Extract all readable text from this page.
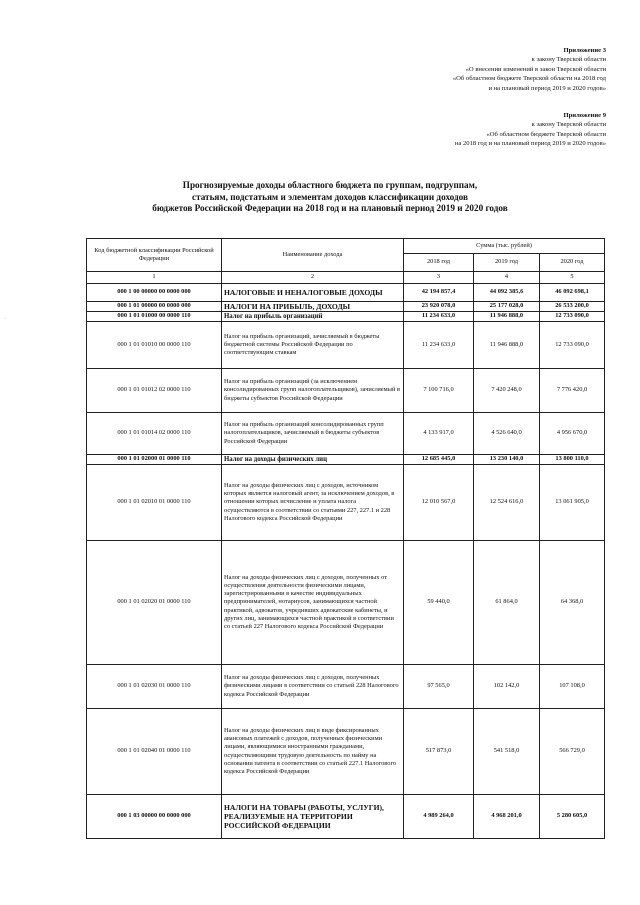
Приложение 3
к закону Тверской области
«О внесении изменений в закон Тверской области
«Об областном бюджете Тверской области на 2018 год
и на плановый период 2019 и 2020 годов»
Приложение 9
к закону Тверской области
«Об областном бюджете Тверской области
на 2018 год и на плановый период 2019 и 2020 годов»
Прогнозируемые доходы областного бюджета по группам, подгруппам,
статьям, подстатьям и элементам доходов классификации доходов
бюджетов Российской Федерации на 2018 год и на плановый период 2019 и 2020 годов
Код бюджетной классификации Российской Федерации	Наименование дохода	Сумма (тыс. рублей)		
		2018 год	2019 год	2020 год
1	2	3	4	5
000 1 00 00000 00 0000 000	НАЛОГОВЫЕ И НЕНАЛОГОВЫЕ ДОХОДЫ	42 194 857,4	44 092 385,6	46 092 698,1
000 1 01 00000 00 0000 000	НАЛОГИ НА ПРИБЫЛЬ, ДОХОДЫ	23 920 078,0	25 177 028,0	26 533 200,0
000 1 01 01000 00 0000 110	Налог на прибыль организаций	11 234 633,0	11 946 888,0	12 733 090,0
000 1 01 01010 00 0000 110	Налог на прибыль организаций, зачисляемый в бюджеты бюджетной системы Российской Федерации по соответствующим ставкам	11 234 633,0	11 946 888,0	12 733 090,0
000 1 01 01012 02 0000 110	Налог на прибыль организаций (за исключением консолидированных групп налогоплательщиков), зачисляемый в бюджеты субъектов Российской Федерации	7 100 716,0	7 420 248,0	7 776 420,0
000 1 01 01014 02 0000 110	Налог на прибыль организаций консолидированных групп налогоплательщиков, зачисляемый в бюджеты субъектов Российской Федерации	4 133 917,0	4 526 640,0	4 956 670,0
000 1 01 02000 01 0000 110	Налог на доходы физических лиц	12 685 445,0	13 230 140,0	13 800 110,0
000 1 01 02010 01 0000 110	Налог на доходы физических лиц с доходов, источником которых является налоговый агент, за исключением доходов, в отношении которых исчисление и уплата налога осуществляются в соответствии со статьями 227, 227.1 и 228 Налогового кодекса Российской Федерации	12 010 567,0	12 524 616,0	13 061 905,0
000 1 01 02020 01 0000 110	Налог на доходы физических лиц с доходов, полученных от осуществления деятельности физическими лицами, зарегистрированными в качестве индивидуальных предпринимателей, нотариусов, занимающихся частной практикой, адвокатов, учредивших адвокатские кабинеты, и других лиц, занимающихся частной практикой в соответствии со статьей 227 Налогового кодекса Российской Федерации	59 440,0	61 864,0	64 368,0
000 1 01 02030 01 0000 110	Налог на доходы физических лиц с доходов, полученных физическими лицами в соответствии со статьей 228 Налогового кодекса Российской Федерации	97 565,0	102 142,0	107 108,0
000 1 01 02040 01 0000 110	Налог на доходы физических лиц в виде фиксированных авансовых платежей с доходов, полученных физическими лицами, являющимися иностранными гражданами, осуществляющими трудовую деятельность по найму на основании патента в соответствии со статьей 227.1 Налогового кодекса Российской Федерации	517 873,0	541 518,0	566 729,0
000 1 03 00000 00 0000 000	НАЛОГИ НА ТОВАРЫ (РАБОТЫ, УСЛУГИ), РЕАЛИЗУЕМЫЕ НА ТЕРРИТОРИИ РОССИЙСКОЙ ФЕДЕРАЦИИ	4 989 264,0	4 968 201,0	5 280 605,0
·
